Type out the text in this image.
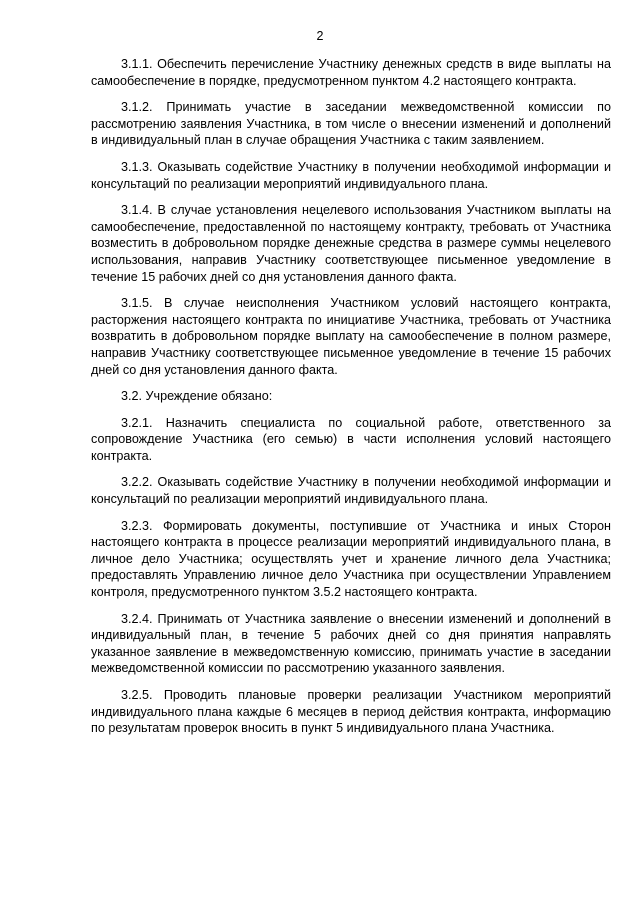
2

3.1.1. Обеспечить перечисление Участнику денежных средств в виде выплаты на самообеспечение в порядке, предусмотренном пунктом 4.2 настоящего контракта.

3.1.2. Принимать участие в заседании межведомственной комиссии по рассмотрению заявления Участника, в том числе о внесении изменений и дополнений в индивидуальный план в случае обращения Участника с таким заявлением.

3.1.3. Оказывать содействие Участнику в получении необходимой информации и консультаций по реализации мероприятий индивидуального плана.

3.1.4. В случае установления нецелевого использования Участником выплаты на самообеспечение, предоставленной по настоящему контракту, требовать от Участника возместить в добровольном порядке денежные средства в размере суммы нецелевого использования, направив Участнику соответствующее письменное уведомление в течение 15 рабочих дней со дня установления данного факта.

3.1.5. В случае неисполнения Участником условий настоящего контракта, расторжения настоящего контракта по инициативе Участника, требовать от Участника возвратить в добровольном порядке выплату на самообеспечение в полном размере, направив Участнику соответствующее письменное уведомление в течение 15 рабочих дней со дня установления данного факта.

3.2. Учреждение обязано:

3.2.1. Назначить специалиста по социальной работе, ответственного за сопровождение Участника (его семью) в части исполнения условий настоящего контракта.

3.2.2. Оказывать содействие Участнику в получении необходимой информации и консультаций по реализации мероприятий индивидуального плана.

3.2.3. Формировать документы, поступившие от Участника и иных Сторон настоящего контракта в процессе реализации мероприятий индивидуального плана, в личное дело Участника; осуществлять учет и хранение личного дела Участника; предоставлять Управлению личное дело Участника при осуществлении Управлением контроля, предусмотренного пунктом 3.5.2 настоящего контракта.

3.2.4. Принимать от Участника заявление о внесении изменений и дополнений в индивидуальный план, в течение 5 рабочих дней со дня принятия направлять указанное заявление в межведомственную комиссию, принимать участие в заседании межведомственной комиссии по рассмотрению указанного заявления.

3.2.5. Проводить плановые проверки реализации Участником мероприятий индивидуального плана каждые 6 месяцев в период действия контракта, информацию по результатам проверок вносить в пункт 5 индивидуального плана Участника.
